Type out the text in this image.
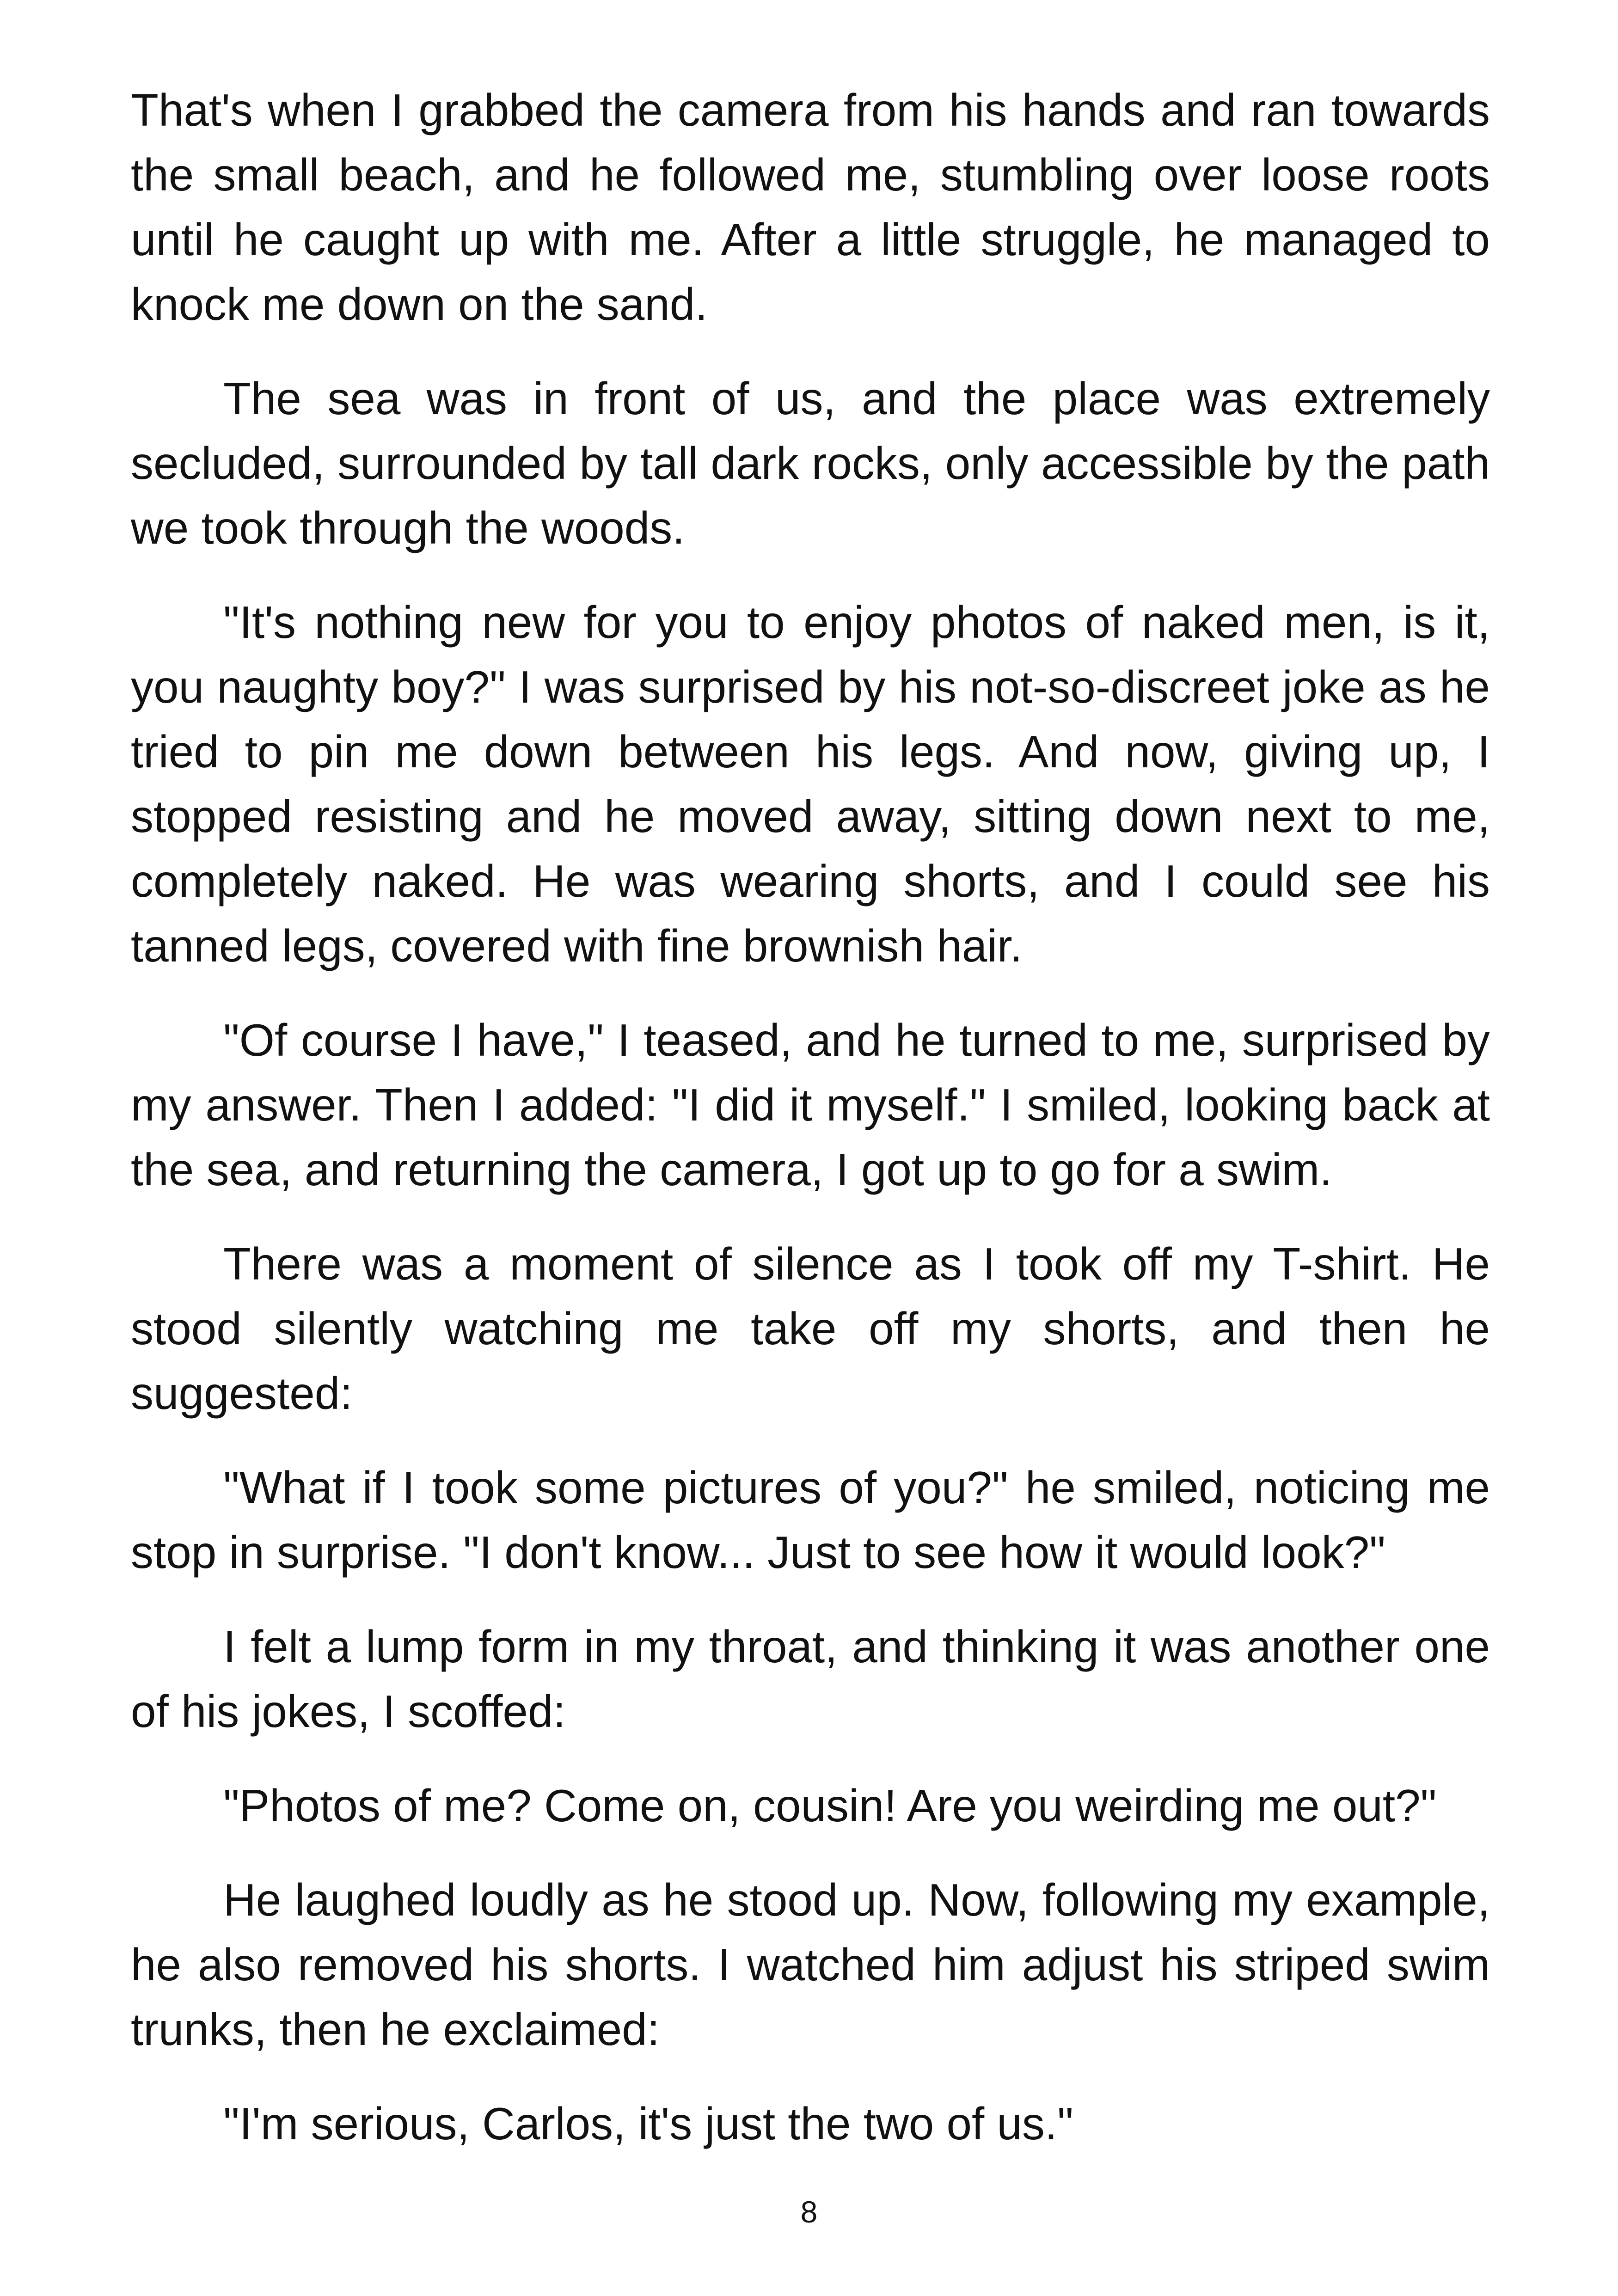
That's when I grabbed the camera from his hands and ran towards the small beach, and he followed me, stumbling over loose roots until he caught up with me. After a little struggle, he managed to knock me down on the sand.

The sea was in front of us, and the place was extremely secluded, surrounded by tall dark rocks, only accessible by the path we took through the woods.

"It's nothing new for you to enjoy photos of naked men, is it, you naughty boy?" I was surprised by his not-so-discreet joke as he tried to pin me down between his legs. And now, giving up, I stopped resisting and he moved away, sitting down next to me, completely naked. He was wearing shorts, and I could see his tanned legs, covered with fine brownish hair.

"Of course I have," I teased, and he turned to me, surprised by my answer. Then I added: "I did it myself." I smiled, looking back at the sea, and returning the camera, I got up to go for a swim.

There was a moment of silence as I took off my T-shirt. He stood silently watching me take off my shorts, and then he suggested:

"What if I took some pictures of you?" he smiled, noticing me stop in surprise. "I don't know... Just to see how it would look?"

I felt a lump form in my throat, and thinking it was another one of his jokes, I scoffed:

"Photos of me? Come on, cousin! Are you weirding me out?"

He laughed loudly as he stood up. Now, following my example, he also removed his shorts. I watched him adjust his striped swim trunks, then he exclaimed:

"I'm serious, Carlos, it's just the two of us."

8
